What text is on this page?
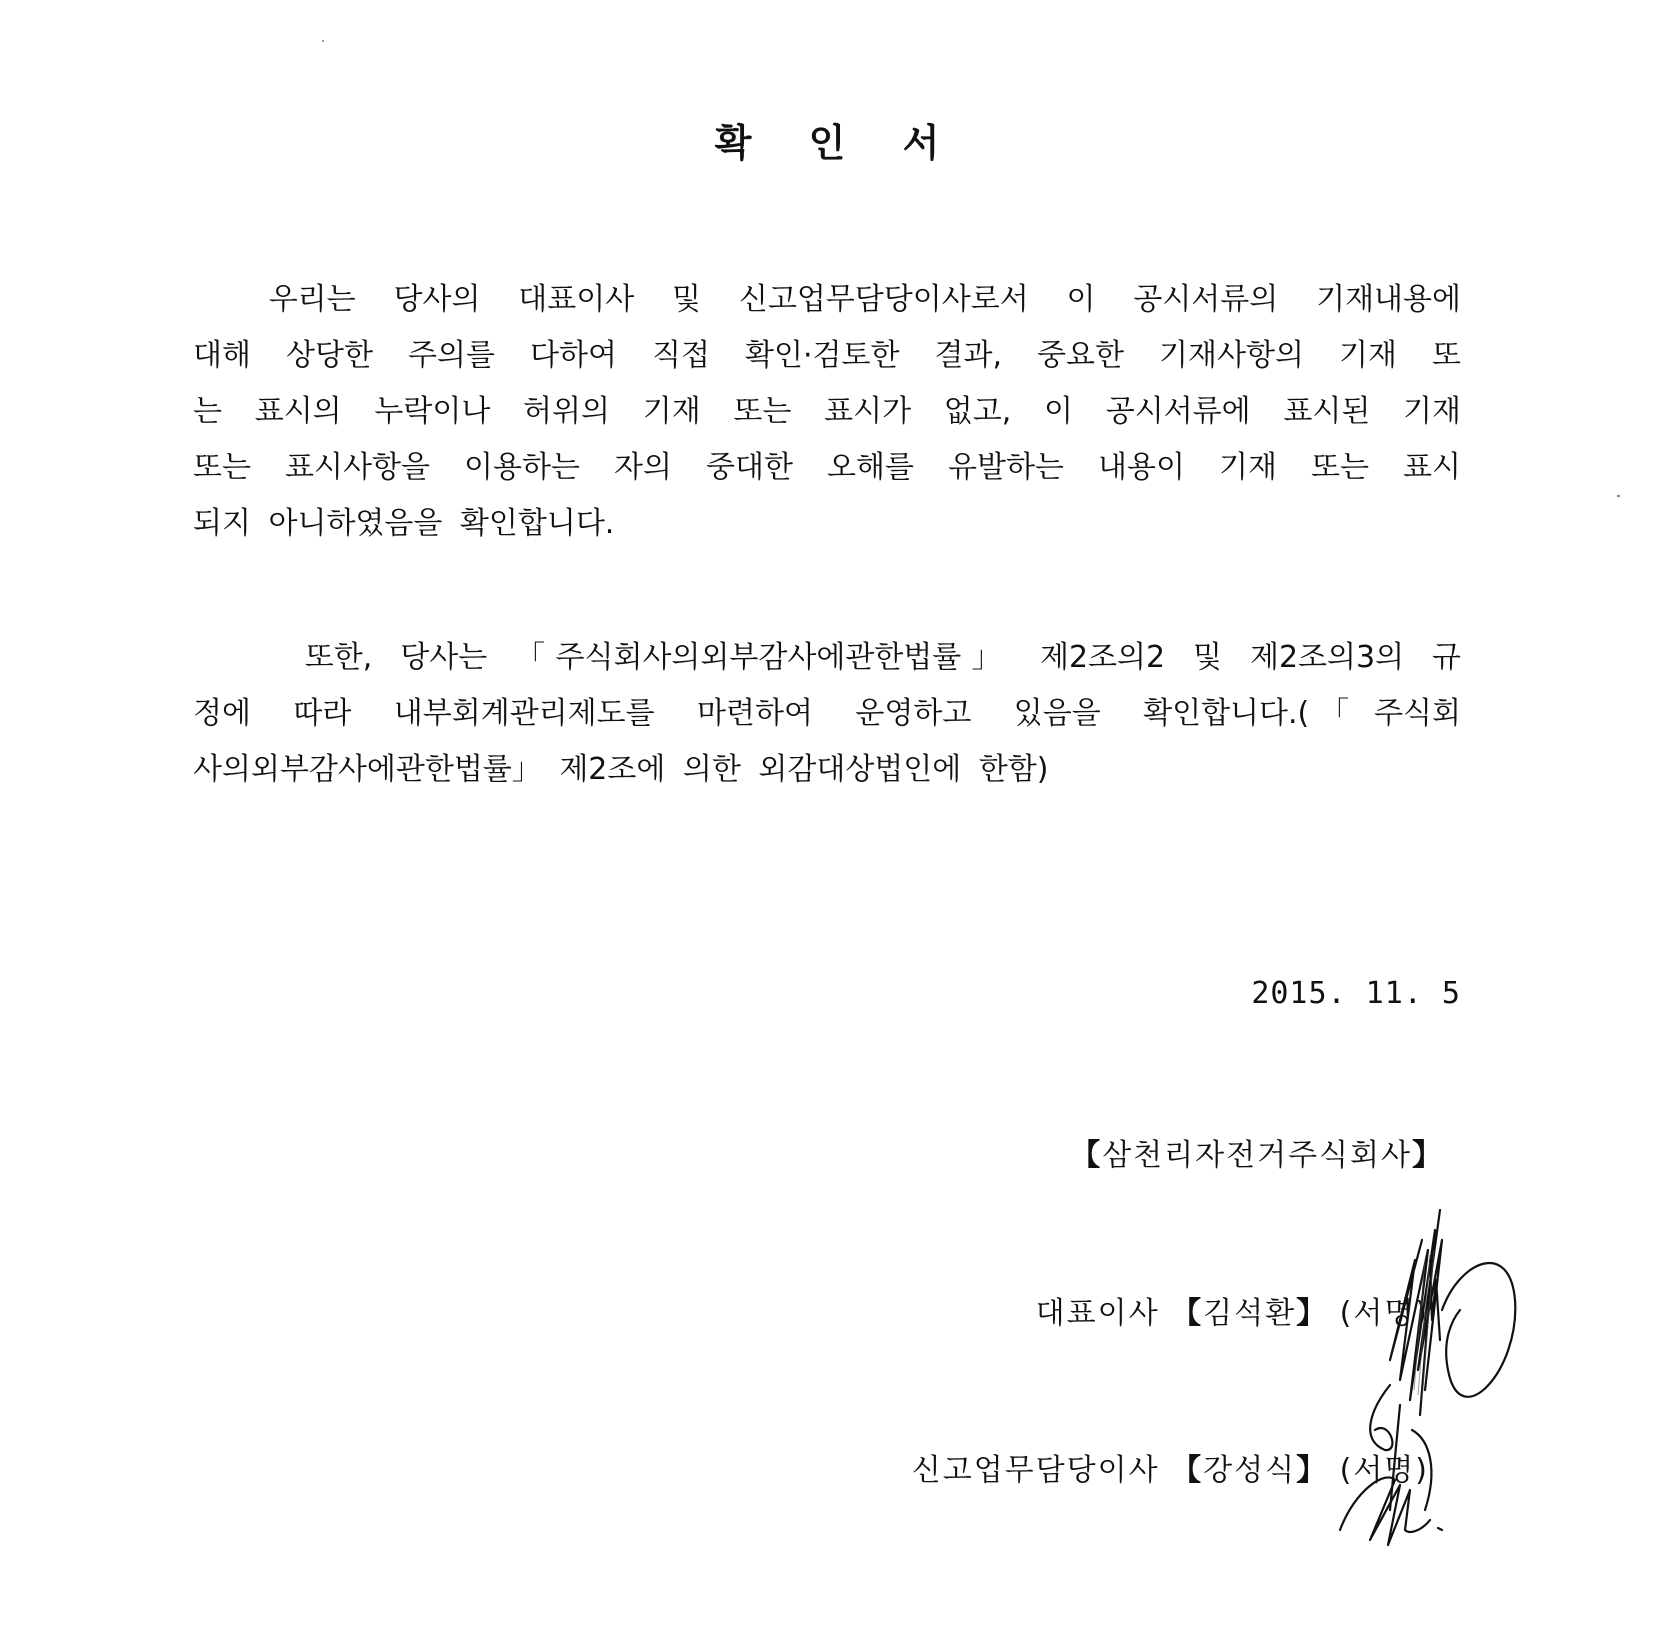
확 인 서
우리는 당사의 대표이사 및 신고업무담당이사로서 이 공시서류의 기재내용에
대해 상당한 주의를 다하여 직접 확인·검토한 결과, 중요한 기재사항의 기재 또
는 표시의 누락이나 허위의 기재 또는 표시가 없고, 이 공시서류에 표시된 기재
또는 표시사항을 이용하는 자의 중대한 오해를 유발하는 내용이 기재 또는 표시
되지 아니하였음을 확인합니다.
또한, 당사는 「주식회사의외부감사에관한법률」 제2조의2 및 제2조의3의 규
정에 따라 내부회계관리제도를 마련하여 운영하고 있음을 확인합니다.(「주식회
사의외부감사에관한법률」 제2조에 의한 외감대상법인에 한함)
2015. 11. 5
【삼천리자전거주식회사】
대표이사 【김석환】 (서명)
신고업무담당이사 【강성식】 (서명)
